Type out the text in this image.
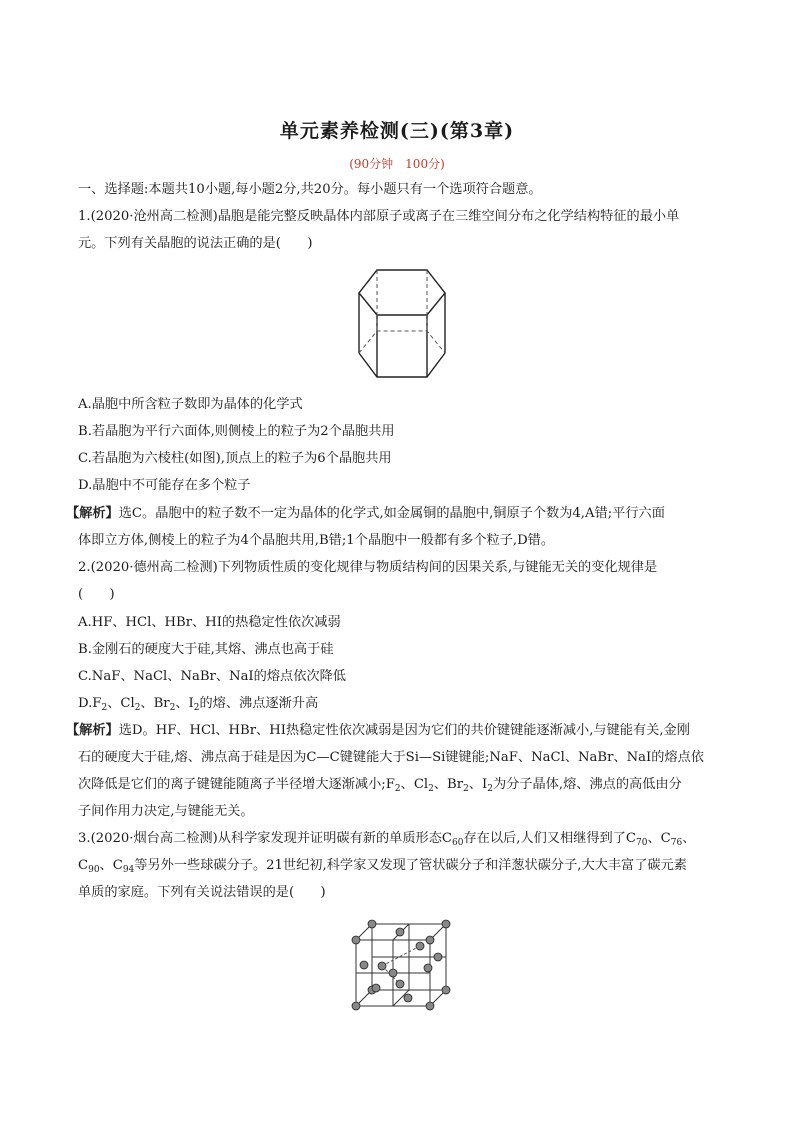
单元素养检测(三)(第3章)
(90分钟　100分)
一、选择题:本题共10小题,每小题2分,共20分。每小题只有一个选项符合题意。
1.(2020·沧州高二检测)晶胞是能完整反映晶体内部原子或离子在三维空间分布之化学结构特征的最小单
元。下列有关晶胞的说法正确的是(　　)
A.晶胞中所含粒子数即为晶体的化学式
B.若晶胞为平行六面体,则侧棱上的粒子为2个晶胞共用
C.若晶胞为六棱柱(如图),顶点上的粒子为6个晶胞共用
D.晶胞中不可能存在多个粒子
【解析】选C。晶胞中的粒子数不一定为晶体的化学式,如金属铜的晶胞中,铜原子个数为4,A错;平行六面
体即立方体,侧棱上的粒子为4个晶胞共用,B错;1个晶胞中一般都有多个粒子,D错。
2.(2020·德州高二检测)下列物质性质的变化规律与物质结构间的因果关系,与键能无关的变化规律是
(　　)
A.HF、HCl、HBr、HI的热稳定性依次减弱
B.金刚石的硬度大于硅,其熔、沸点也高于硅
C.NaF、NaCl、NaBr、NaI的熔点依次降低
$D.F_2$、$Cl_2$、$Br_2$、$I_2$的熔、沸点逐渐升高
【解析】选D。HF、HCl、HBr、HI热稳定性依次减弱是因为它们的共价键键能逐渐减小,与键能有关,金刚
石的硬度大于硅,熔、沸点高于硅是因为C—C键键能大于Si—Si键键能;NaF、NaCl、NaBr、NaI的熔点依
次降低是它们的离子键键能随离子半径增大逐渐减小$;F_2$、$Cl_2$、$Br_2$、$I_2$为分子晶体,熔、沸点的高低由分
子间作用力决定,与键能无关。
3.(2020·烟台高二检测)从科学家发现并证明碳有新的单质形态$C_{60}$存在以后,人们又相继得到了$C_{70}$、$C_{76}$、
$C_{90}$、$C_{94}$等另外一些球碳分子。21世纪初,科学家又发现了管状碳分子和洋葱状碳分子,大大丰富了碳元素
单质的家庭。下列有关说法错误的是(　　)
